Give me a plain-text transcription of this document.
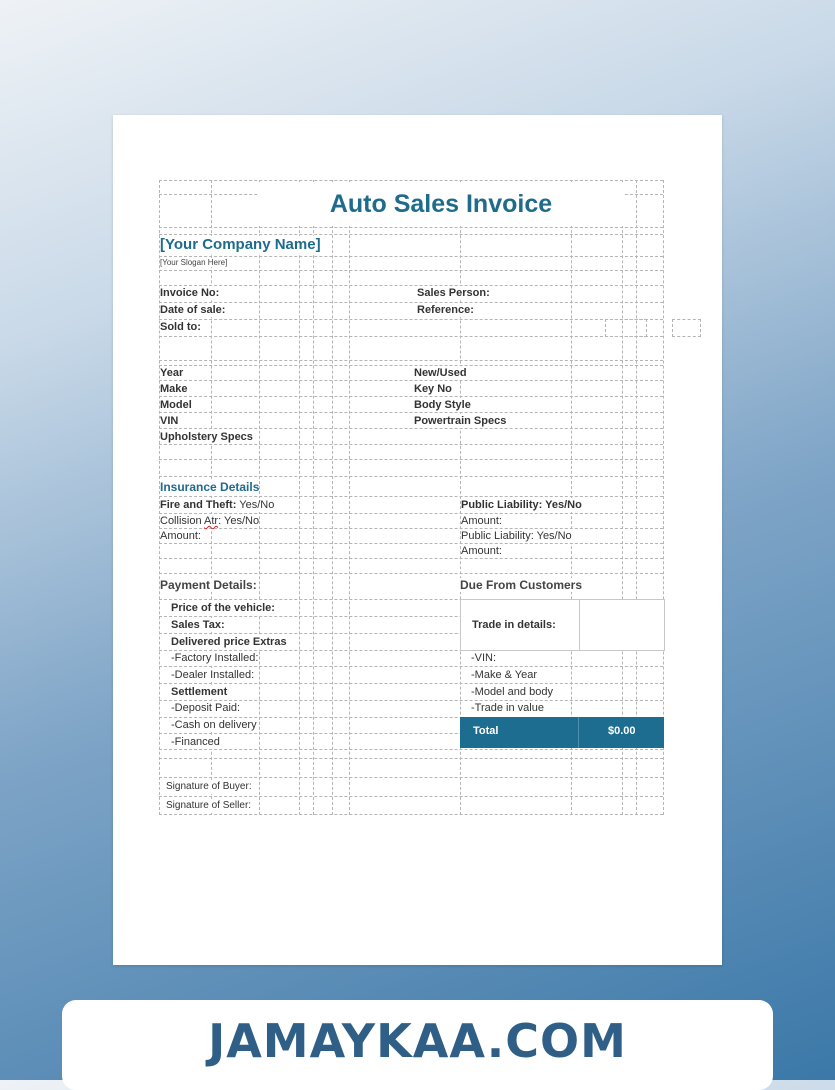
Auto Sales Invoice
[Your Company Name]
[Your Slogan Here]
Invoice No:
Date of sale:
Sold to:
Sales Person:
Reference:
Year
Make
Model
VIN
Upholstery Specs
New/Used
Key No
Body Style
Powertrain Specs
Insurance Details
Fire and Theft: Yes/No
Collision Atr: Yes/No
Amount:
Public Liability: Yes/No
Amount:
Public Liability: Yes/No
Amount:
Payment Details:	Due From Customers
Price of the vehicle:
Sales Tax:
Delivered price Extras
-Factory Installed:
-Dealer Installed:
Settlement
-Deposit Paid:
-Cash on delivery
-Financed
Trade in details:
-VIN:
-Make & Year
-Model and body
-Trade in value
Total	$0.00
Signature of Buyer:
Signature of Seller:
JAMAYKAA.COM
